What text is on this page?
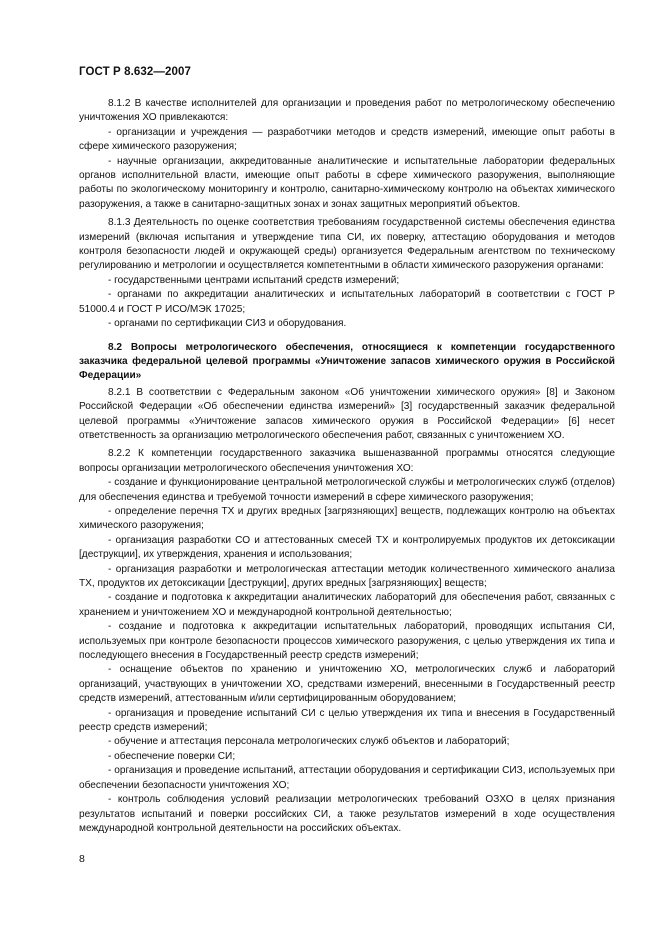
ГОСТ Р 8.632—2007

8.1.2 В качестве исполнителей для организации и проведения работ по метрологическому обеспечению уничтожения ХО привлекаются:

- организации и учреждения — разработчики методов и средств измерений, имеющие опыт работы в сфере химического разоружения;

- научные организации, аккредитованные аналитические и испытательные лаборатории федеральных органов исполнительной власти, имеющие опыт работы в сфере химического разоружения, выполняющие работы по экологическому мониторингу и контролю, санитарно-химическому контролю на объектах химического разоружения, а также в санитарно-защитных зонах и зонах защитных мероприятий объектов.

8.1.3 Деятельность по оценке соответствия требованиям государственной системы обеспечения единства измерений (включая испытания и утверждение типа СИ, их поверку, аттестацию оборудования и методов контроля безопасности людей и окружающей среды) организуется Федеральным агентством по техническому регулированию и метрологии и осуществляется компетентными в области химического разоружения органами:

- государственными центрами испытаний средств измерений;

- органами по аккредитации аналитических и испытательных лабораторий в соответствии с ГОСТ Р 51000.4 и ГОСТ Р ИСО/МЭК 17025;

- органами по сертификации СИЗ и оборудования.

8.2 Вопросы метрологического обеспечения, относящиеся к компетенции государственного заказчика федеральной целевой программы «Уничтожение запасов химического оружия в Российской Федерации»

8.2.1 В соответствии с Федеральным законом «Об уничтожении химического оружия» [8] и Законом Российской Федерации «Об обеспечении единства измерений» [3] государственный заказчик федеральной целевой программы «Уничтожение запасов химического оружия в Российской Федерации» [6] несет ответственность за организацию метрологического обеспечения работ, связанных с уничтожением ХО.

8.2.2 К компетенции государственного заказчика вышеназванной программы относятся следующие вопросы организации метрологического обеспечения уничтожения ХО:

- создание и функционирование центральной метрологической службы и метрологических служб (отделов) для обеспечения единства и требуемой точности измерений в сфере химического разоружения;

- определение перечня ТХ и других вредных [загрязняющих] веществ, подлежащих контролю на объектах химического разоружения;

- организация разработки СО и аттестованных смесей ТХ и контролируемых продуктов их детоксикации [деструкции], их утверждения, хранения и использования;

- организация разработки и метрологическая аттестации методик количественного химического анализа ТХ, продуктов их детоксикации [деструкции], других вредных [загрязняющих] веществ;

- создание и подготовка к аккредитации аналитических лабораторий для обеспечения работ, связанных с хранением и уничтожением ХО и международной контрольной деятельностью;

- создание и подготовка к аккредитации испытательных лабораторий, проводящих испытания СИ, используемых при контроле безопасности процессов химического разоружения, с целью утверждения их типа и последующего внесения в Государственный реестр средств измерений;

- оснащение объектов по хранению и уничтожению ХО, метрологических служб и лабораторий организаций, участвующих в уничтожении ХО, средствами измерений, внесенными в Государственный реестр средств измерений, аттестованным и/или сертифицированным оборудованием;

- организация и проведение испытаний СИ с целью утверждения их типа и внесения в Государственный реестр средств измерений;

- обучение и аттестация персонала метрологических служб объектов и лабораторий;

- обеспечение поверки СИ;

- организация и проведение испытаний, аттестации оборудования и сертификации СИЗ, используемых при обеспечении безопасности уничтожения ХО;

- контроль соблюдения условий реализации метрологических требований ОЗХО в целях признания результатов испытаний и поверки российских СИ, а также результатов измерений в ходе осуществления международной контрольной деятельности на российских объектах.

8
